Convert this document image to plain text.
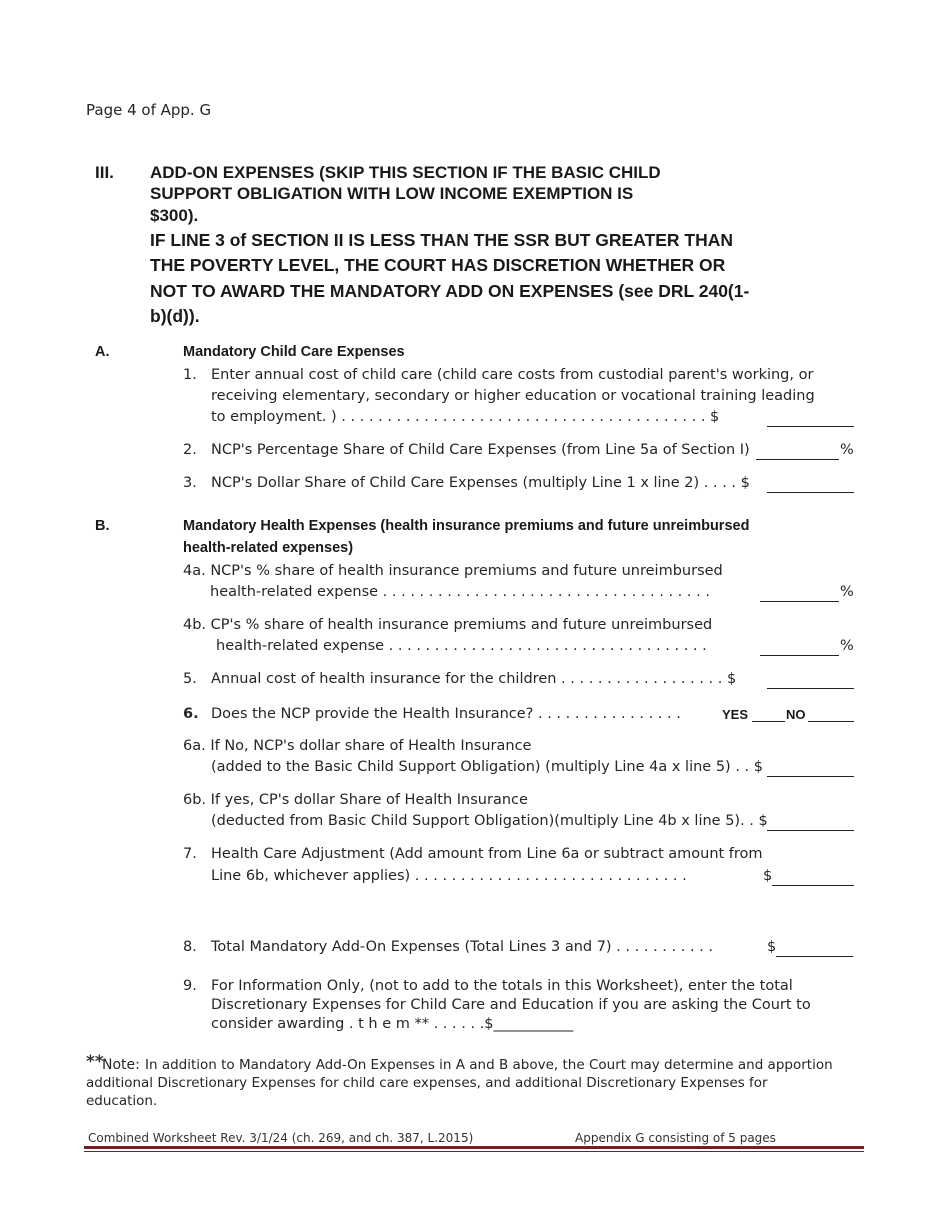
Page 4 of App. G
III. ADD-ON EXPENSES (SKIP THIS SECTION IF THE BASIC CHILD
SUPPORT OBLIGATION WITH LOW INCOME EXEMPTION IS
$300).
IF LINE 3 of SECTION II IS LESS THAN THE SSR BUT GREATER THAN
THE POVERTY LEVEL, THE COURT HAS DISCRETION WHETHER OR
NOT TO AWARD THE MANDATORY ADD ON EXPENSES (see DRL 240(1-
b)(d)).
A.	Mandatory Child Care Expenses
1. Enter annual cost of child care (child care costs from custodial parent's working, or
receiving elementary, secondary or higher education or vocational training leading
to employment. ) . . . . . . . . . . . . . . . . . . . . . . . . . . . . . . . . . . . . . . . . $
2. NCP's Percentage Share of Child Care Expenses (from Line 5a of Section I)	%
3. NCP's Dollar Share of Child Care Expenses (multiply Line 1 x line 2) . . . . $
B.	Mandatory Health Expenses (health insurance premiums and future unreimbursed
health-related expenses)
4a. NCP's % share of health insurance premiums and future unreimbursed
health-related expense . . . . . . . . . . . . . . . . . . . . . . . . . . . . . . . . . . . .	%
4b. CP's % share of health insurance premiums and future unreimbursed
health-related expense . . . . . . . . . . . . . . . . . . . . . . . . . . . . . . . . . . .	%
5. Annual cost of health insurance for the children . . . . . . . . . . . . . . . . . . $
6. Does the NCP provide the Health Insurance? . . . . . . . . . . . . . . . .	YES	NO
6a. If No, NCP's dollar share of Health Insurance
(added to the Basic Child Support Obligation) (multiply Line 4a x line 5) . . $
6b. If yes, CP's dollar Share of Health Insurance
(deducted from Basic Child Support Obligation)(multiply Line 4b x line 5). . $
7. Health Care Adjustment (Add amount from Line 6a or subtract amount from
Line 6b, whichever applies) . . . . . . . . . . . . . . . . . . . . . . . . . . . . . .	$
8. Total Mandatory Add-On Expenses (Total Lines 3 and 7) . . . . . . . . . . .	$
9. For Information Only, (not to add to the totals in this Worksheet), enter the total
Discretionary Expenses for Child Care and Education if you are asking the Court to
consider awarding . t h e m ** . . . . . .$___________
**
Note: In addition to Mandatory Add-On Expenses in A and B above, the Court may determine and apportion
additional Discretionary Expenses for child care expenses, and additional Discretionary Expenses for
education.
Combined Worksheet Rev. 3/1/24 (ch. 269, and ch. 387, L.2015)	Appendix G consisting of 5 pages
